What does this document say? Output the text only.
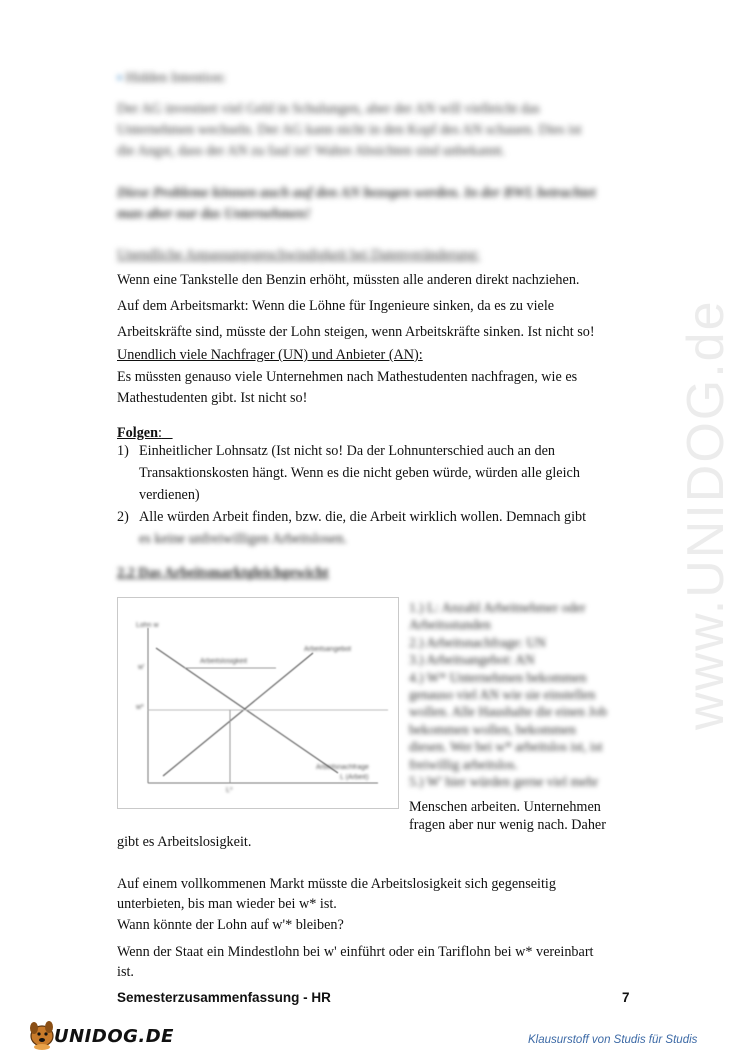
www.UNIDOG.de
▪ Hidden Intention:
Der AG investiert viel Geld in Schulungen, aber der AN will vielleicht das
Unternehmen wechseln. Der AG kann nicht in den Kopf des AN schauen. Dies ist
die Angst, dass der AN zu faul ist! Wahre Absichten sind unbekannt.
Diese Probleme können auch auf den AN bezogen werden. In der BWL betrachtet
man aber nur das Unternehmen!
Unendliche Anpassungsgeschwindigkeit bei Datenveränderung:
Wenn eine Tankstelle den Benzin erhöht, müssten alle anderen direkt nachziehen.
Auf dem Arbeitsmarkt: Wenn die Löhne für Ingenieure sinken, da es zu viele
Arbeitskräfte sind, müsste der Lohn steigen, wenn Arbeitskräfte sinken. Ist nicht so!
Unendlich viele Nachfrager (UN) und Anbieter (AN):
Es müssten genauso viele Unternehmen nach Mathestudenten nachfragen, wie es
Mathestudenten gibt. Ist nicht so!
Folgen:
1) Einheitlicher Lohnsatz (Ist nicht so! Da der Lohnunterschied auch an den
Transaktionskosten hängt. Wenn es die nicht geben würde, würden alle gleich
verdienen)
2) Alle würden Arbeit finden, bzw. die, die Arbeit wirklich wollen. Demnach gibt
es keine unfreiwilligen Arbeitslosen.
2.2 Das Arbeitsmarktgleichgewicht
Lohn w
Arbeitsangebot
Arbeitsnachfrage
L (Arbeit)
w*
L*
Arbeitslosigkeit
w'
1.) L: Anzahl Arbeitnehmer oder
Arbeitsstunden
2.) Arbeitsnachfrage: UN
3.) Arbeitsangebot: AN
4.) W* Unternehmen bekommen
genauso viel AN wie sie einstellen
wollen. Alle Haushalte die einen Job
bekommen wollen, bekommen
diesen. Wer bei w* arbeitslos ist, ist
freiwillig arbeitslos.
5.) W' hier würden gerne viel mehr
Menschen arbeiten. Unternehmen
fragen aber nur wenig nach. Daher
gibt es Arbeitslosigkeit.
Auf einem vollkommenen Markt müsste die Arbeitslosigkeit sich gegenseitig
unterbieten, bis man wieder bei w* ist.
Wann könnte der Lohn auf w'* bleiben?
Wenn der Staat ein Mindestlohn bei w' einführt oder ein Tariflohn bei w* vereinbart
ist.
Semesterzusammenfassung - HR	7
UNIDOG.DE	Klausurstoff von Studis für Studis
